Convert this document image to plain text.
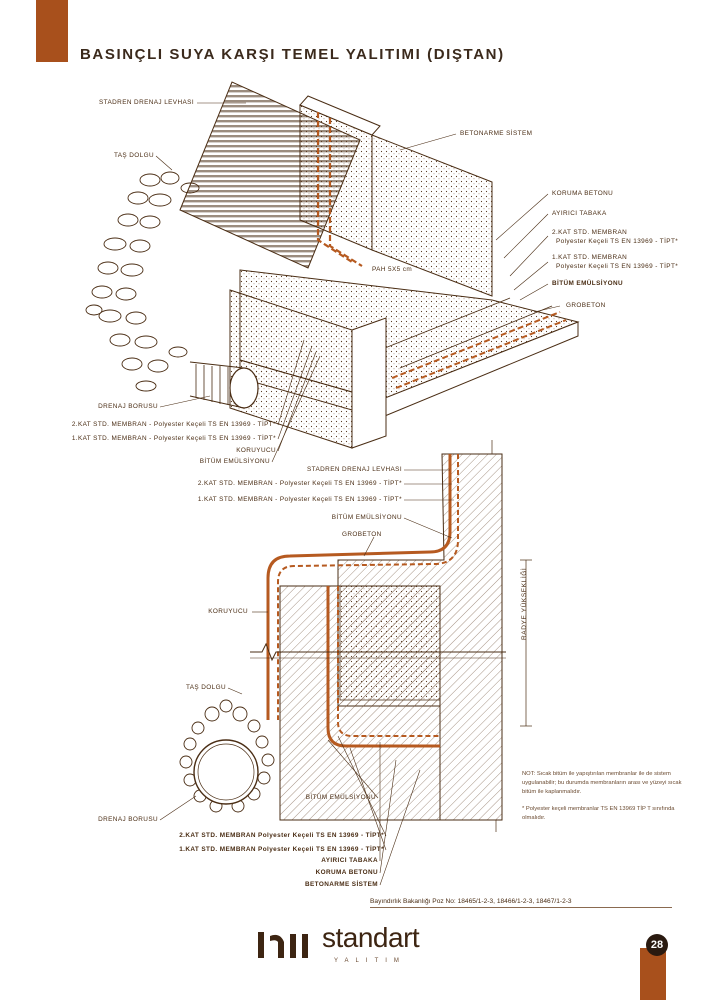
BASINÇLI SUYA KARŞI TEMEL YALITIMI (DIŞTAN)
STADREN DRENAJ LEVHASI
TAŞ DOLGU
DRENAJ BORUSU
2.KAT STD. MEMBRAN - Polyester Keçeli TS EN 13969 - TİPT*
1.KAT STD. MEMBRAN - Polyester Keçeli TS EN 13969 - TİPT*
KORUYUCU
BİTÜM EMÜLSİYONU
PAH 5X5 cm
BETONARME SİSTEM
KORUMA BETONU
AYIRICI TABAKA
2.KAT STD. MEMBRAN
Polyester Keçeli TS EN 13969 - TİPT*
1.KAT STD. MEMBRAN
Polyester Keçeli TS EN 13969 - TİPT*
BİTÜM EMÜLSİYONU
GROBETON
STADREN DRENAJ LEVHASI
2.KAT STD. MEMBRAN - Polyester Keçeli TS EN 13969 - TİPT*
1.KAT STD. MEMBRAN - Polyester Keçeli TS EN 13969 - TİPT*
BİTÜM EMÜLSİYONU
GROBETON
KORUYUCU
TAŞ DOLGU
DRENAJ BORUSU
BİTÜM EMÜLSİYONU
2.KAT STD. MEMBRAN Polyester Keçeli TS EN 13969 - TİPT*
1.KAT STD. MEMBRAN Polyester Keçeli TS EN 13969 - TİPT*
AYIRICI TABAKA
KORUMA BETONU
BETONARME SİSTEM
RADYE YÜKSEKLİĞİ

NOT: Sıcak bitüm ile yapıştırılan membranlar ile de sistem uygulanabilir; bu durumda membranların arası ve yüzeyi sıcak bitüm ile kaplanmalıdır.

* Polyester keçeli membranlar TS EN 13969 TİP T sınıfında olmalıdır.

Bayındırlık Bakanlığı Poz No: 18465/1-2-3, 18466/1-2-3, 18467/1-2-3
standart
YALITIM
28
